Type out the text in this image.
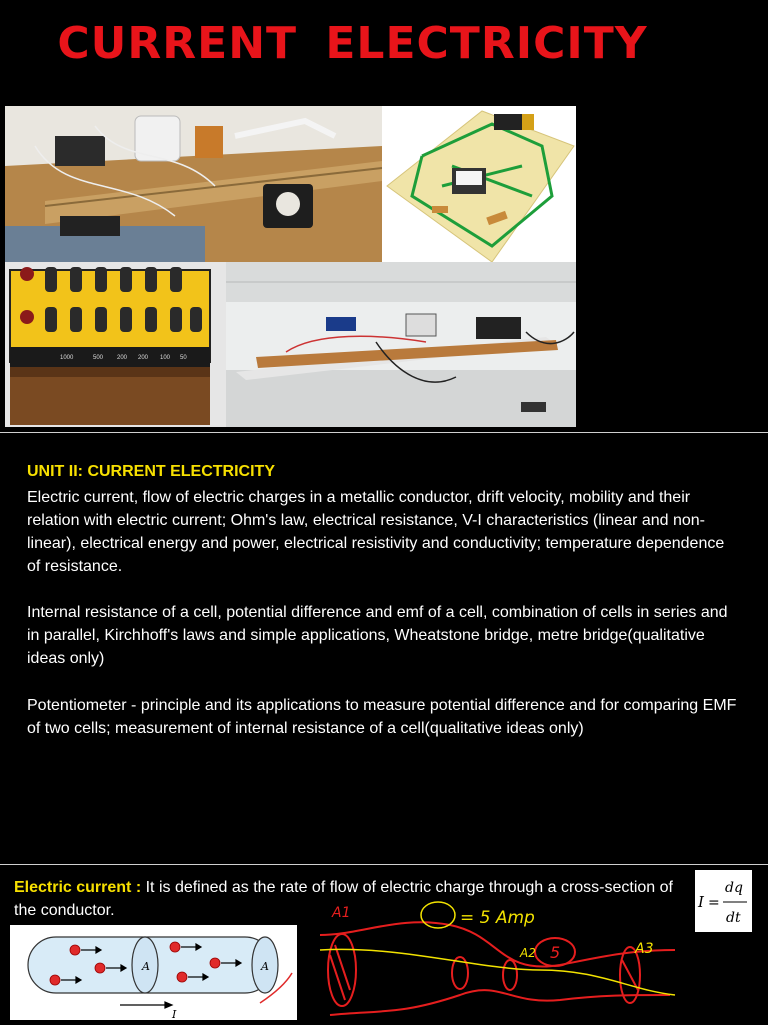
CURRENT ELECTRICITY
1000	500 200 200 100 50
UNIT II: CURRENT ELECTRICITY
Electric current, flow of electric charges in a metallic conductor, drift velocity, mobility and their relation with electric current; Ohm's law, electrical resistance, V-I characteristics (linear and non-linear), electrical energy and power, electrical resistivity and conductivity; temperature dependence of resistance.
Internal resistance of a cell, potential difference and emf of a cell, combination of cells in series and in parallel, Kirchhoff's laws and simple applications, Wheatstone bridge, metre bridge(qualitative ideas only)
Potentiometer - principle and its applications to measure potential difference and for comparing EMF of two cells; measurement of internal resistance of a cell(qualitative ideas only)
Electric current : It is defined as the rate of flow of electric charge through a cross-section of the conductor.	I =
dq
dt
A	A
I
A1	= 5 Amp
A2 5	A3
